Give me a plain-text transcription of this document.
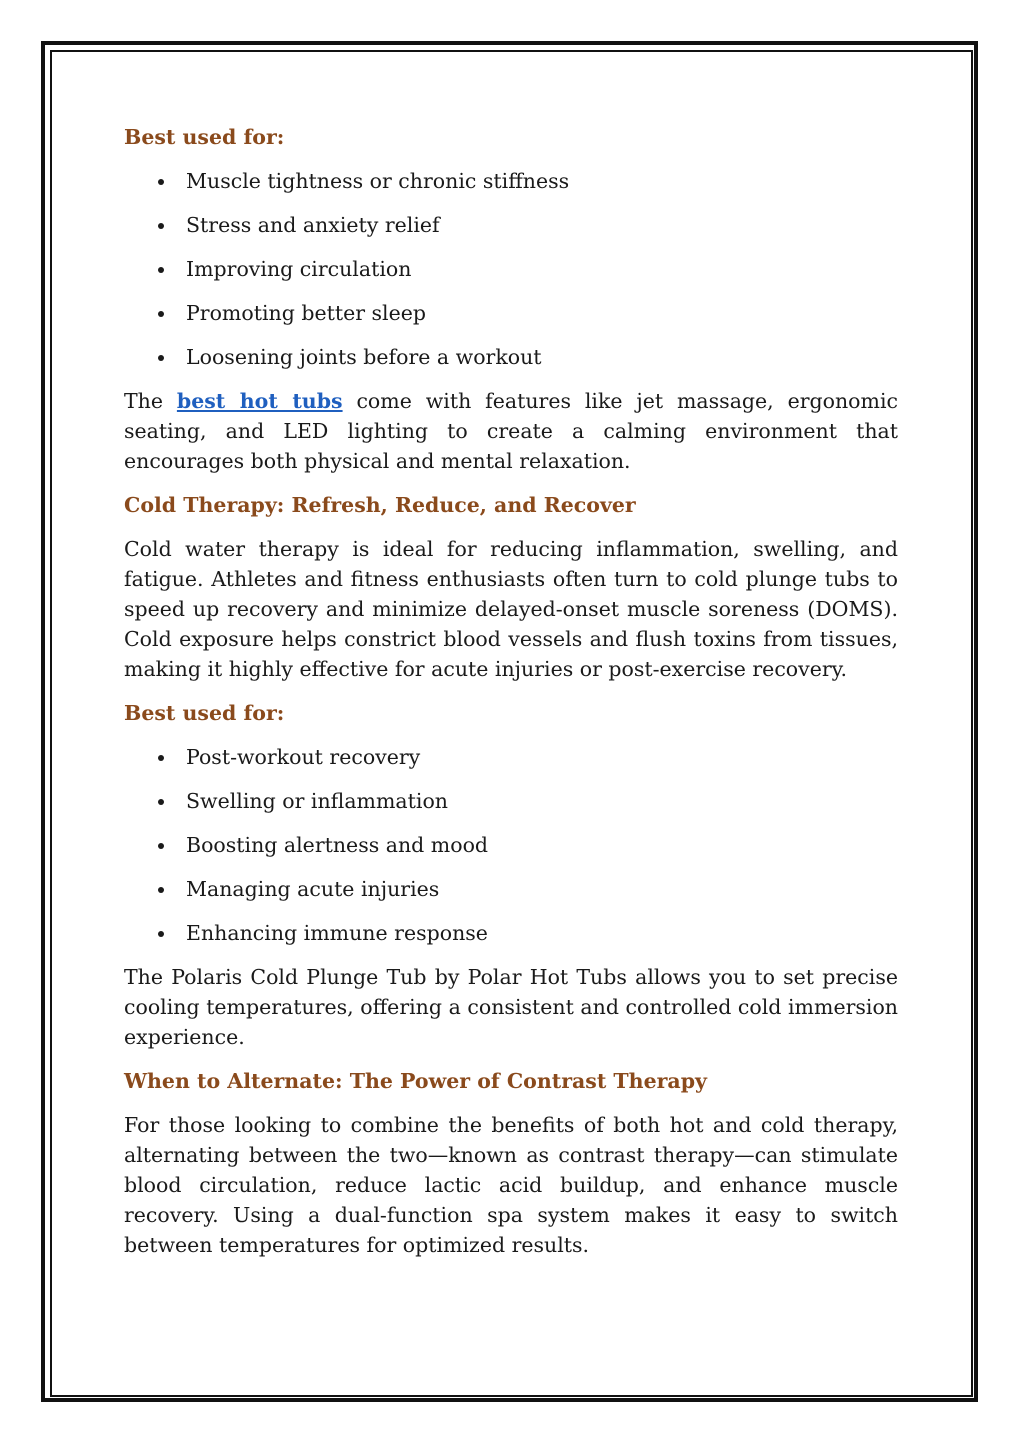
Best used for:
Muscle tightness or chronic stiffness
Stress and anxiety relief
Improving circulation
Promoting better sleep
Loosening joints before a workout

The best hot tubs come with features like jet massage, ergonomic seating, and LED lighting to create a calming environment that encourages both physical and mental relaxation.

Cold Therapy: Refresh, Reduce, and Recover

Cold water therapy is ideal for reducing inflammation, swelling, and fatigue. Athletes and fitness enthusiasts often turn to cold plunge tubs to speed up recovery and minimize delayed-onset muscle soreness (DOMS). Cold exposure helps constrict blood vessels and flush toxins from tissues, making it highly effective for acute injuries or post-exercise recovery.

Best used for:
Post-workout recovery
Swelling or inflammation
Boosting alertness and mood
Managing acute injuries
Enhancing immune response

The Polaris Cold Plunge Tub by Polar Hot Tubs allows you to set precise cooling temperatures, offering a consistent and controlled cold immersion experience.

When to Alternate: The Power of Contrast Therapy

For those looking to combine the benefits of both hot and cold therapy, alternating between the two—known as contrast therapy—can stimulate blood circulation, reduce lactic acid buildup, and enhance muscle recovery. Using a dual-function spa system makes it easy to switch between temperatures for optimized results.
